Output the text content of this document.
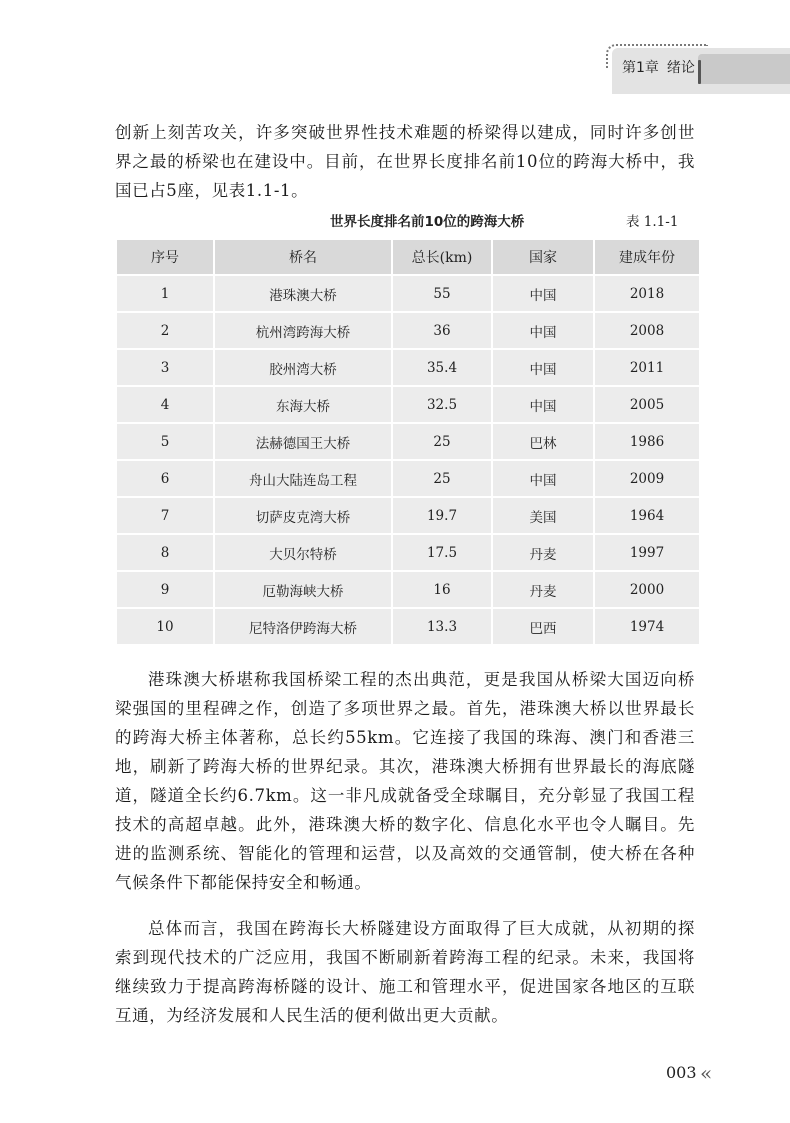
第1章 绪论

创新上刻苦攻关，许多突破世界性技术难题的桥梁得以建成，同时许多创世界之最的桥梁也在建设中。目前，在世界长度排名前10位的跨海大桥中，我国已占5座，见表1.1-1。

世界长度排名前10位的跨海大桥	表 1.1-1
序号	桥名	总长(km)	国家	建成年份
1	港珠澳大桥	55	中国	2018
2	杭州湾跨海大桥	36	中国	2008
3	胶州湾大桥	35.4	中国	2011
4	东海大桥	32.5	中国	2005
5	法赫德国王大桥	25	巴林	1986
6	舟山大陆连岛工程	25	中国	2009
7	切萨皮克湾大桥	19.7	美国	1964
8	大贝尔特桥	17.5	丹麦	1997
9	厄勒海峡大桥	16	丹麦	2000
10	尼特洛伊跨海大桥	13.3	巴西	1974

港珠澳大桥堪称我国桥梁工程的杰出典范，更是我国从桥梁大国迈向桥梁强国的里程碑之作，创造了多项世界之最。首先，港珠澳大桥以世界最长的跨海大桥主体著称，总长约55km。它连接了我国的珠海、澳门和香港三地，刷新了跨海大桥的世界纪录。其次，港珠澳大桥拥有世界最长的海底隧道，隧道全长约6.7km。这一非凡成就备受全球瞩目，充分彰显了我国工程技术的高超卓越。此外，港珠澳大桥的数字化、信息化水平也令人瞩目。先进的监测系统、智能化的管理和运营，以及高效的交通管制，使大桥在各种气候条件下都能保持安全和畅通。

总体而言，我国在跨海长大桥隧建设方面取得了巨大成就，从初期的探索到现代技术的广泛应用，我国不断刷新着跨海工程的纪录。未来，我国将继续致力于提高跨海桥隧的设计、施工和管理水平，促进国家各地区的互联互通，为经济发展和人民生活的便利做出更大贡献。

003 «
